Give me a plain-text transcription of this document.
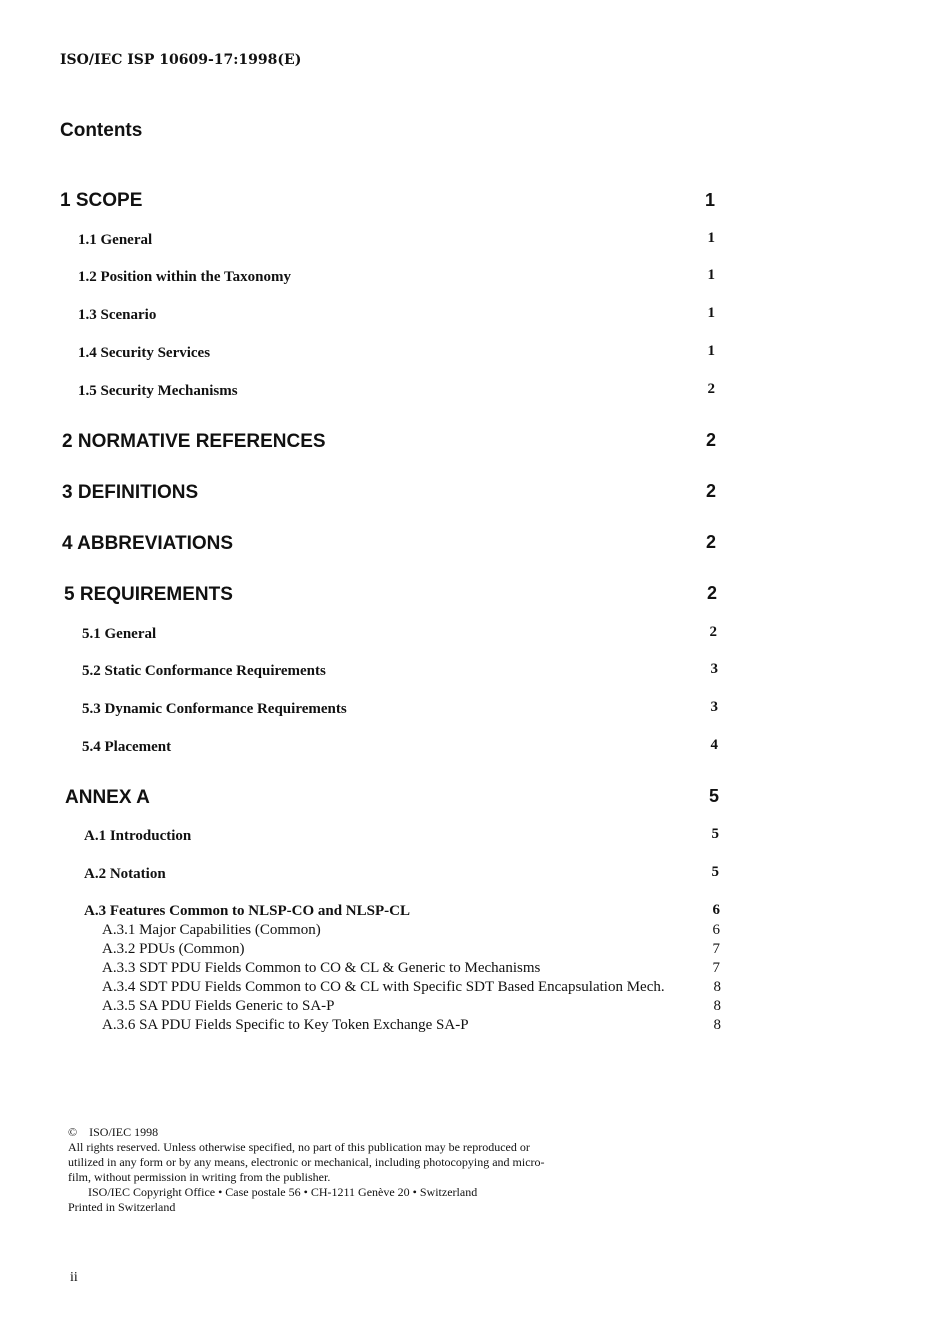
ISO/IEC ISP 10609-17:1998(E)
Contents
1 SCOPE	1
1.1 General	1
1.2 Position within the Taxonomy	1
1.3 Scenario	1
1.4 Security Services	1
1.5 Security Mechanisms	2
2 NORMATIVE REFERENCES	2
3 DEFINITIONS	2
4 ABBREVIATIONS	2
5 REQUIREMENTS	2
5.1 General	2
5.2 Static Conformance Requirements	3
5.3 Dynamic Conformance Requirements	3
5.4 Placement	4
ANNEX A	5
A.1 Introduction	5
A.2 Notation	5
A.3 Features Common to NLSP-CO and NLSP-CL	6
A.3.1 Major Capabilities (Common)	6
A.3.2 PDUs (Common)	7
A.3.3 SDT PDU Fields Common to CO & CL & Generic to Mechanisms	7
A.3.4 SDT PDU Fields Common to CO & CL with Specific SDT Based Encapsulation Mech.	8
A.3.5 SA PDU Fields Generic to SA-P	8
A.3.6 SA PDU Fields Specific to Key Token Exchange SA-P	8
© ISO/IEC 1998
All rights reserved. Unless otherwise specified, no part of this publication may be reproduced or
utilized in any form or by any means, electronic or mechanical, including photocopying and micro-
film, without permission in writing from the publisher.
ISO/IEC Copyright Office • Case postale 56 • CH-1211 Genève 20 • Switzerland
Printed in Switzerland
ii
